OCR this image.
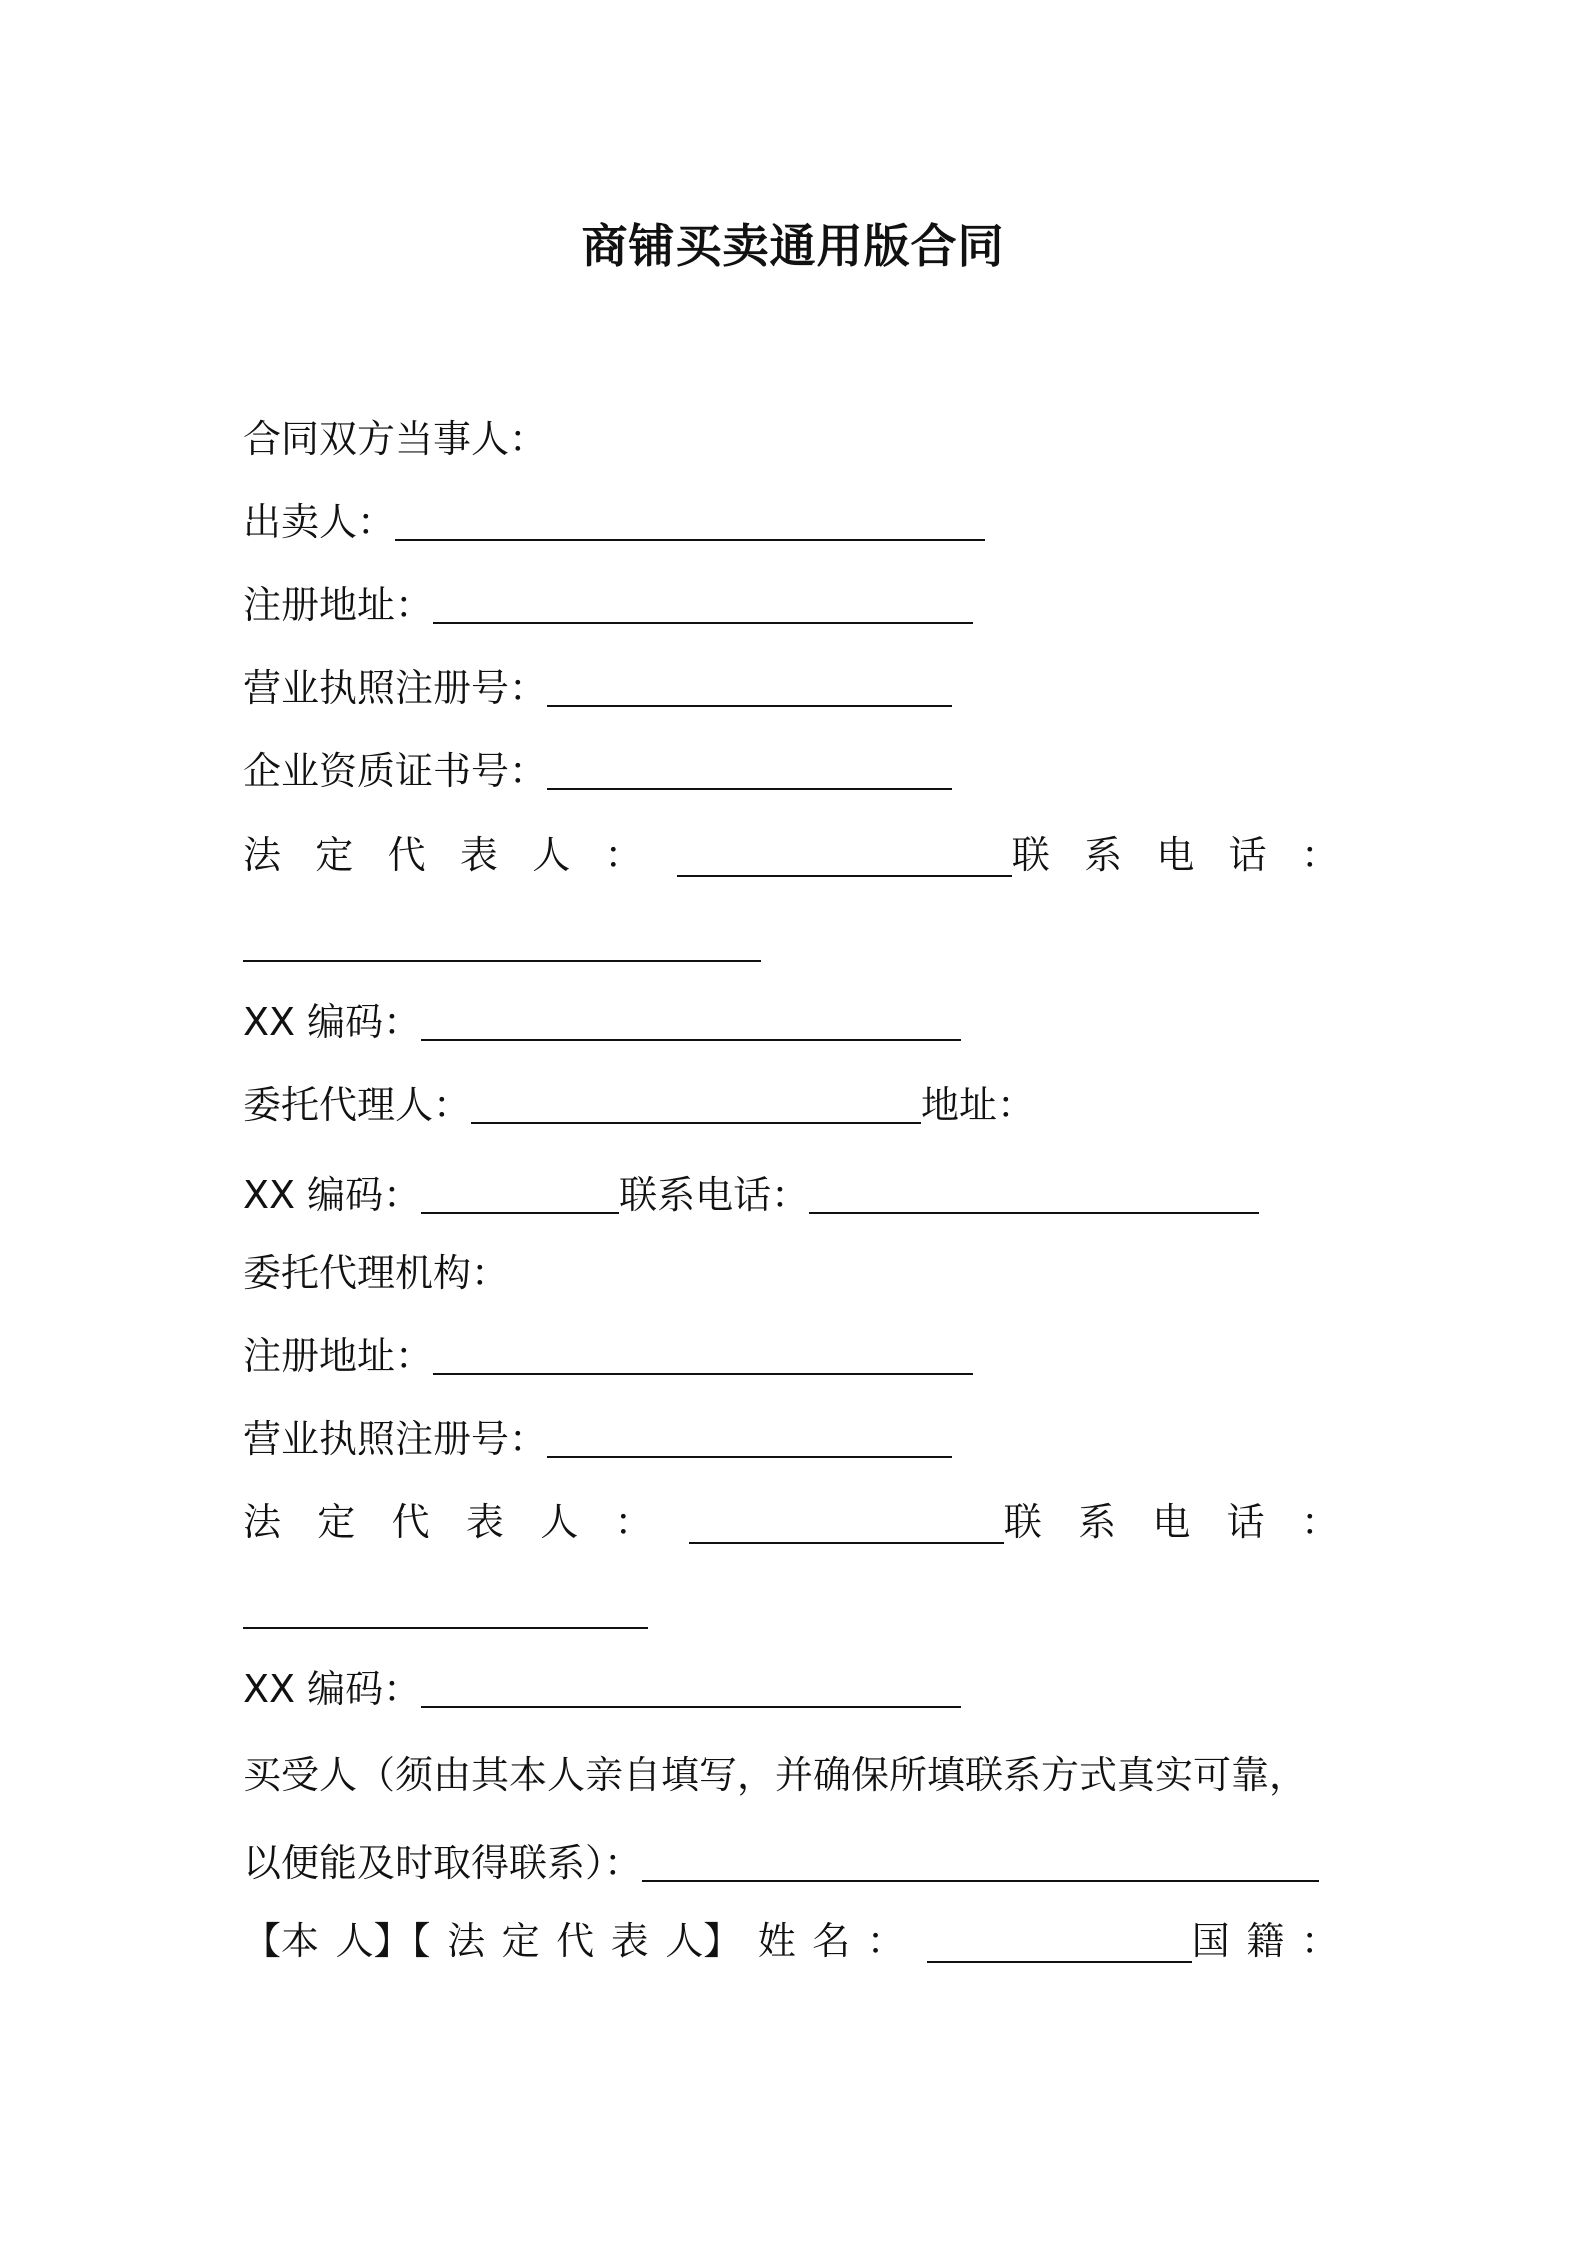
商铺买卖通用版合同
合同双方当事人：
出卖人：
注册地址：
营业执照注册号：
企业资质证书号：
法 定 代 表 人 ：	联 系 电 话 ：
XX 编码：
委托代理人：	地址：
XX 编码：	联系电话：
委托代理机构：
注册地址：
营业执照注册号：
法 定 代 表 人 ：	联 系 电 话 ：
XX 编码：
买受人（须由其本人亲自填写，并确保所填联系方式真实可靠，
以便能及时取得联系）：
【本 人】【 法 定 代 表 人】 姓 名 ：	国 籍 ：
